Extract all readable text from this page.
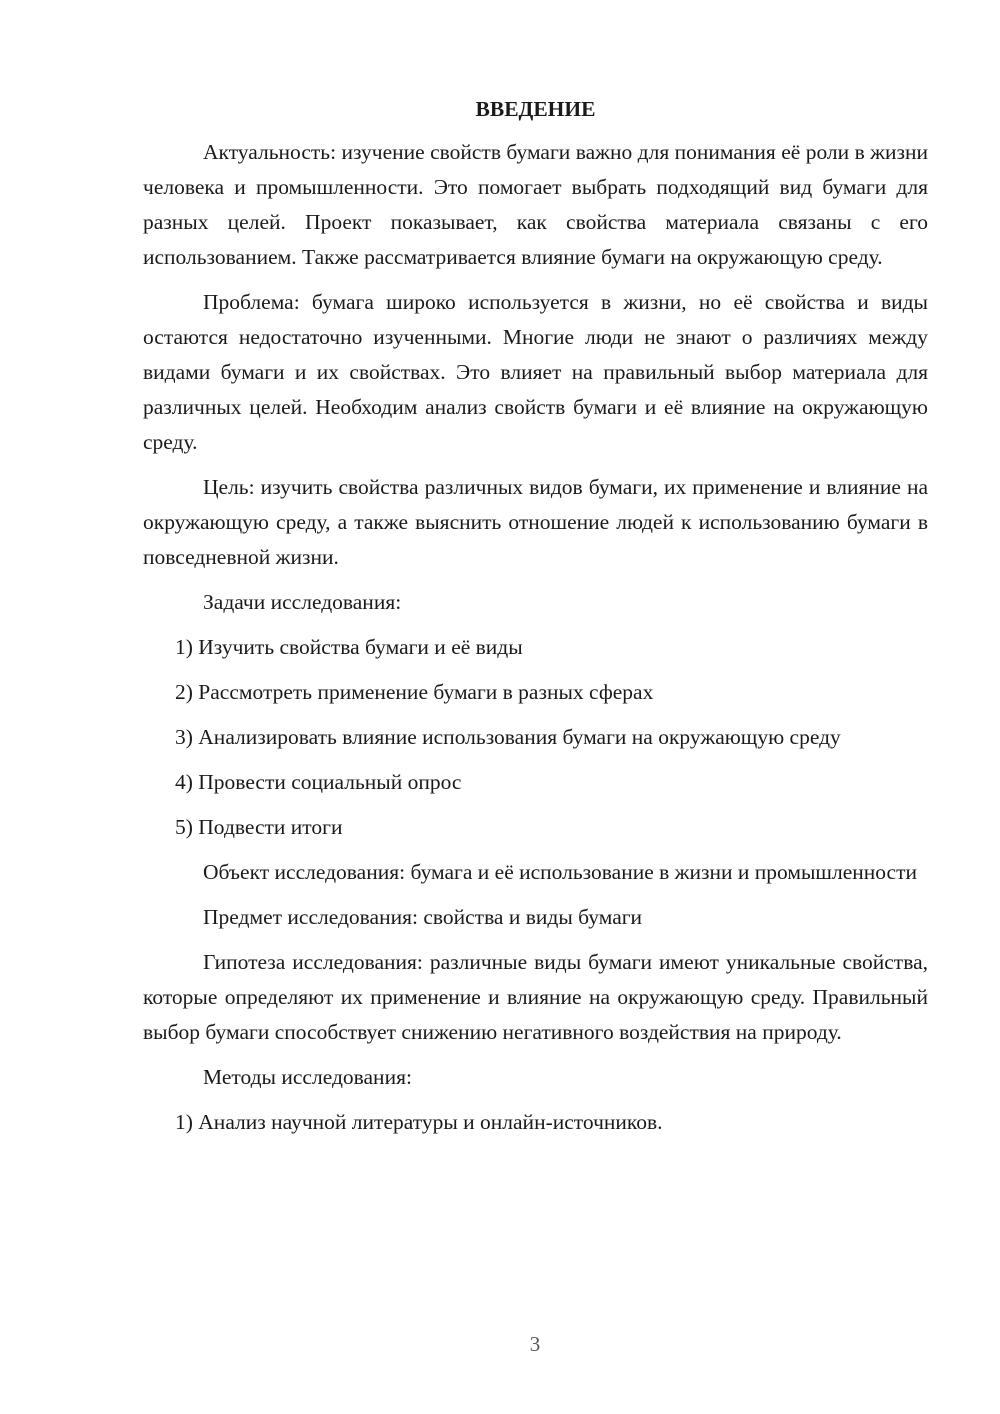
ВВЕДЕНИЕ

Актуальность: изучение свойств бумаги важно для понимания её роли в жизни человека и промышленности. Это помогает выбрать подходящий вид бумаги для разных целей. Проект показывает, как свойства материала связаны с его использованием. Также рассматривается влияние бумаги на окружающую среду.

Проблема: бумага широко используется в жизни, но её свойства и виды остаются недостаточно изученными. Многие люди не знают о различиях между видами бумаги и их свойствах. Это влияет на правильный выбор материала для различных целей. Необходим анализ свойств бумаги и её влияние на окружающую среду.

Цель: изучить свойства различных видов бумаги, их применение и влияние на окружающую среду, а также выяснить отношение людей к использованию бумаги в повседневной жизни.

Задачи исследования:

1) Изучить свойства бумаги и её виды

2) Рассмотреть применение бумаги в разных сферах

3) Анализировать влияние использования бумаги на окружающую среду

4) Провести социальный опрос

5) Подвести итоги

Объект исследования: бумага и её использование в жизни и промышленности

Предмет исследования: свойства и виды бумаги

Гипотеза исследования: различные виды бумаги имеют уникальные свойства, которые определяют их применение и влияние на окружающую среду. Правильный выбор бумаги способствует снижению негативного воздействия на природу.

Методы исследования:

1) Анализ научной литературы и онлайн-источников.

3
